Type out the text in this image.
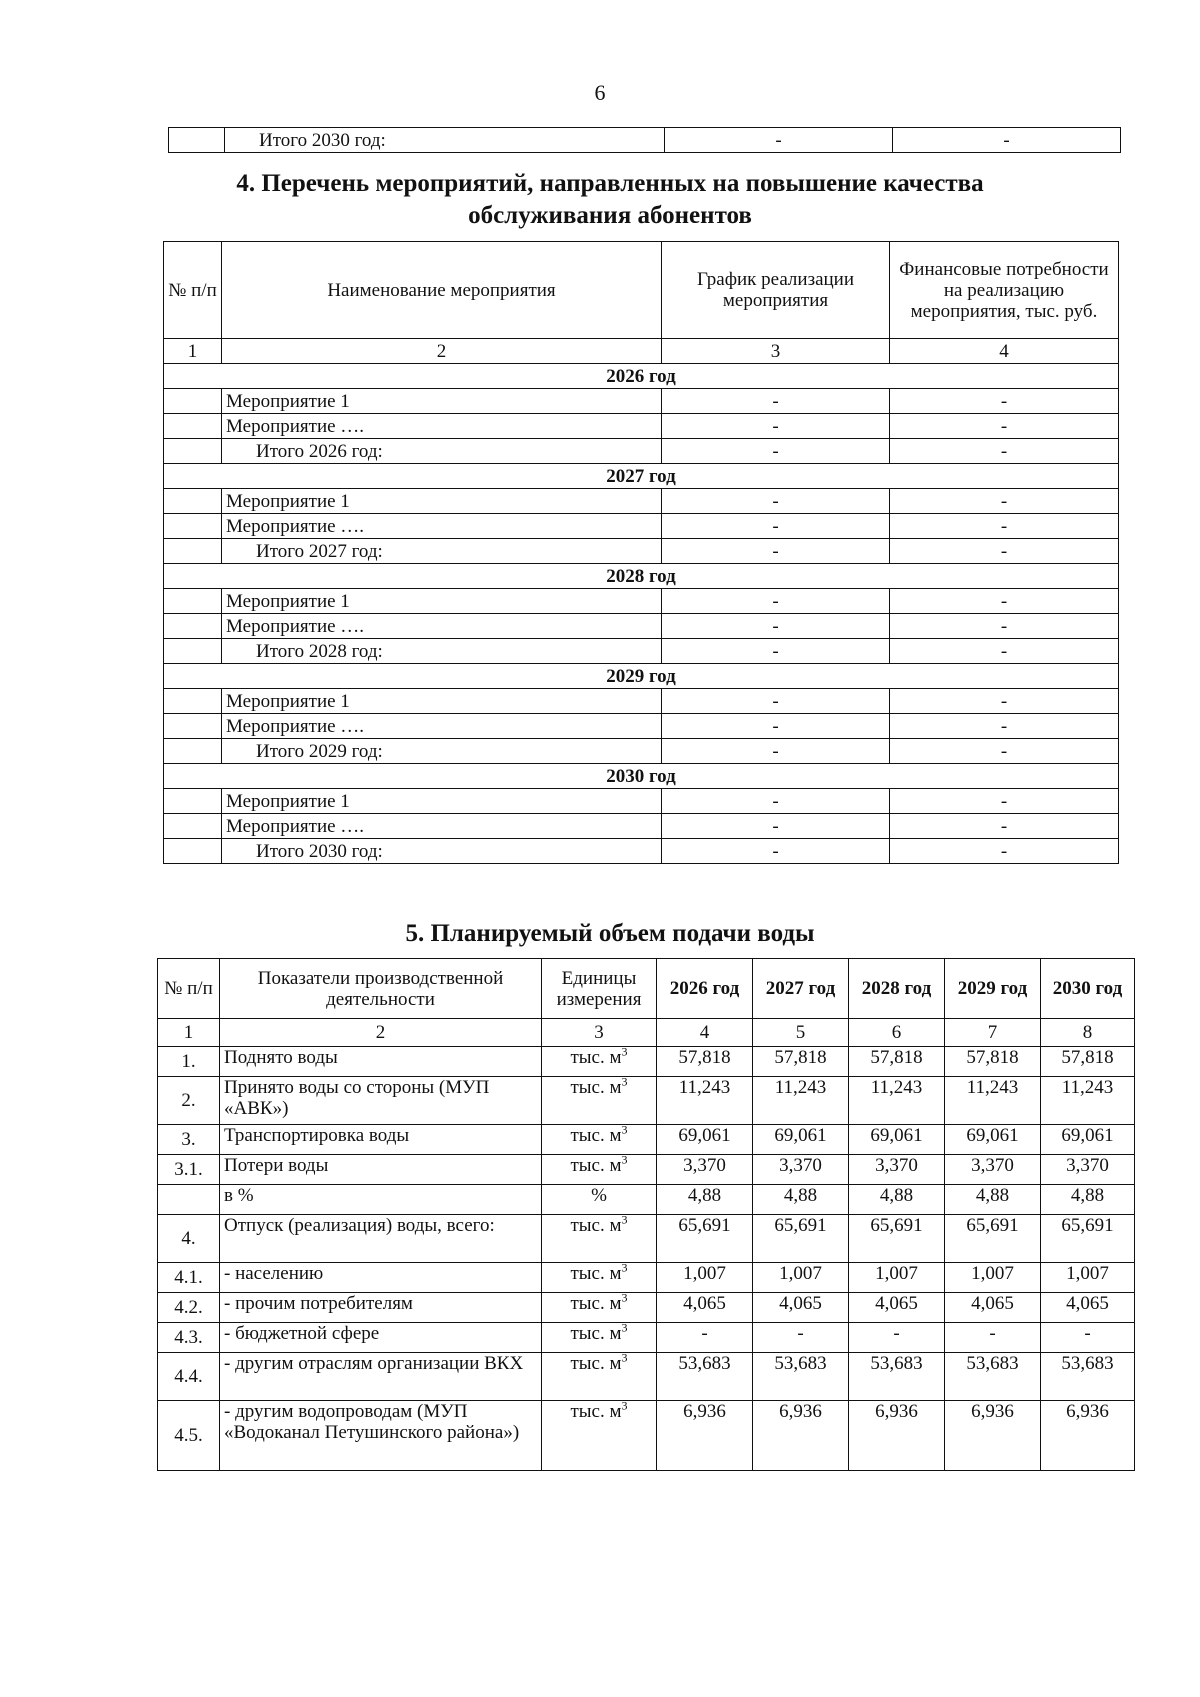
6
	Итого 2030 год:	-	-
4. Перечень мероприятий, направленных на повышение качества
обслуживания абонентов
№ п/п	Наименование мероприятия	График реализации мероприятия	Финансовые потребности на реализацию мероприятия, тыс. руб.
1	2	3	4
2026 год			
	Мероприятие 1	-	-
	Мероприятие ….	-	-
	Итого 2026 год:	-	-
2027 год			
	Мероприятие 1	-	-
	Мероприятие ….	-	-
	Итого 2027 год:	-	-
2028 год			
	Мероприятие 1	-	-
	Мероприятие ….	-	-
	Итого 2028 год:	-	-
2029 год			
	Мероприятие 1	-	-
	Мероприятие ….	-	-
	Итого 2029 год:	-	-
2030 год			
	Мероприятие 1	-	-
	Мероприятие ….	-	-
	Итого 2030 год:	-	-
5. Планируемый объем подачи воды
№ п/п	Показатели производственной деятельности	Единицы измерения	2026 год	2027 год	2028 год	2029 год	2030 год
1	2	3	4	5	6	7	8
1.	Поднято воды	тыс. $м^3$	57,818	57,818	57,818	57,818	57,818
2.	Принято воды со стороны (МУП «АВК»)	тыс. $м^3$	11,243	11,243	11,243	11,243	11,243
3.	Транспортировка воды	тыс. $м^3$	69,061	69,061	69,061	69,061	69,061
3.1.	Потери воды	тыс. $м^3$	3,370	3,370	3,370	3,370	3,370
	в %	%	4,88	4,88	4,88	4,88	4,88
4.	Отпуск (реализация) воды, всего:	тыс. $м^3$	65,691	65,691	65,691	65,691	65,691
4.1.	- населению	тыс. $м^3$	1,007	1,007	1,007	1,007	1,007
4.2.	- прочим потребителям	тыс. $м^3$	4,065	4,065	4,065	4,065	4,065
4.3.	- бюджетной сфере	тыс. $м^3$	-	-	-	-	-
4.4.	- другим отраслям организации ВКХ	тыс. $м^3$	53,683	53,683	53,683	53,683	53,683
4.5.	- другим водопроводам (МУП «Водоканал Петушинского района»)	тыс. $м^3$	6,936	6,936	6,936	6,936	6,936
